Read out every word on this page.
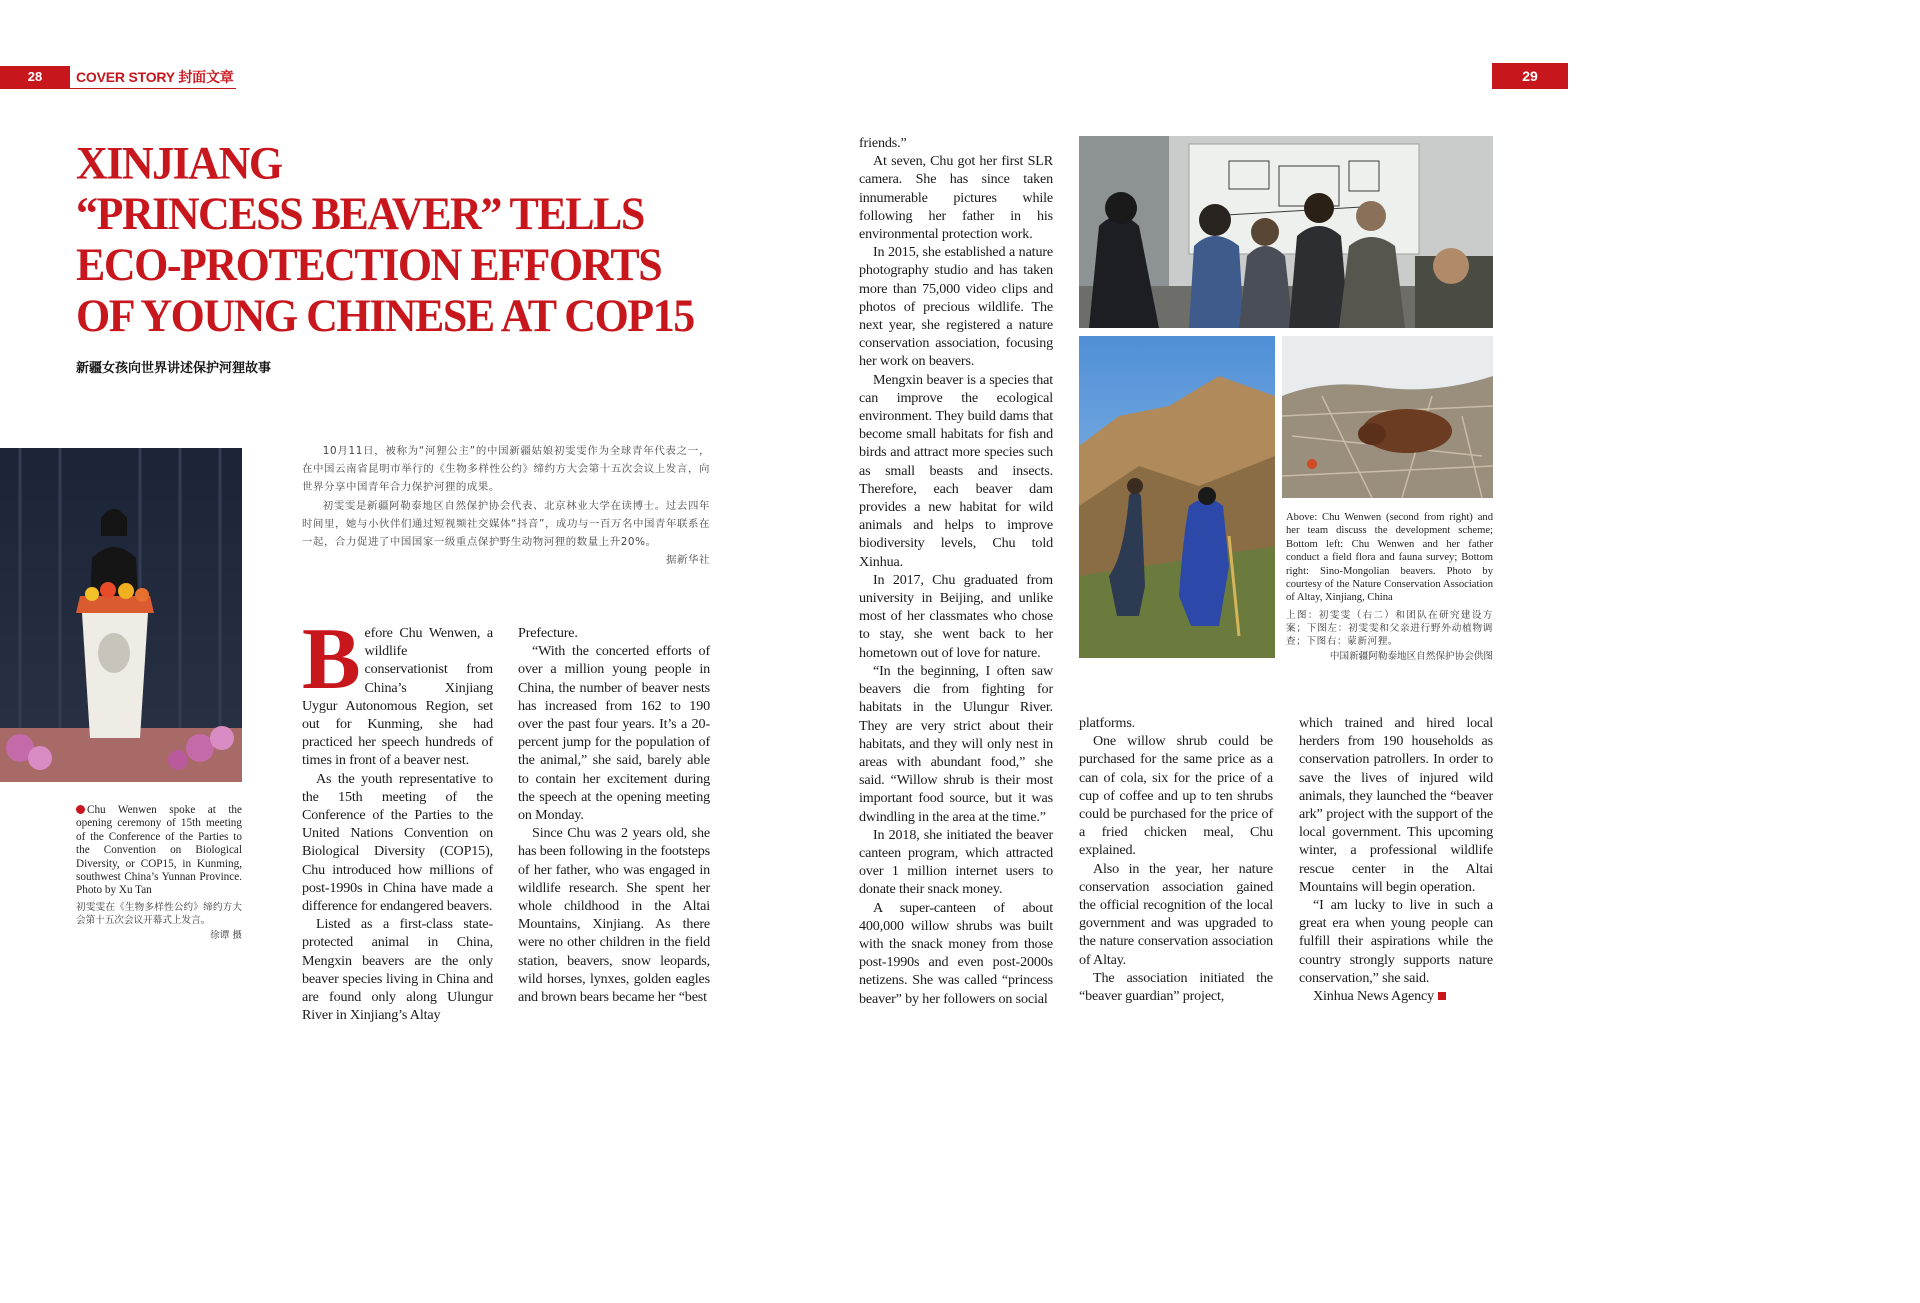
28	COVER STORY 封面文章	29
XINJIANG
“PRINCESS BEAVER” TELLS
ECO-PROTECTION EFFORTS
OF YOUNG CHINESE AT COP15
新疆女孩向世界讲述保护河狸故事
Chu Wenwen spoke at the opening ceremony of 15th meeting of the Conference of the Parties to the Convention on Biological Diversity, or COP15, in Kunming, southwest China’s Yunnan Province. Photo by Xu Tan
初雯雯在《生物多样性公约》缔约方大会第十五次会议开幕式上发言。
徐谭 摄

10月11日，被称为“河狸公主”的中国新疆姑娘初雯雯作为全球青年代表之一，在中国云南省昆明市举行的《生物多样性公约》缔约方大会第十五次会议上发言，向世界分享中国青年合力保护河狸的成果。

初雯雯是新疆阿勒泰地区自然保护协会代表、北京林业大学在读博士。过去四年时间里，她与小伙伴们通过短视频社交媒体“抖音”，成功与一百万名中国青年联系在一起，合力促进了中国国家一级重点保护野生动物河狸的数量上升20%。

据新华社

B efore Chu Wenwen, a wildlife conservationist from China’s Xinjiang Uygur Autonomous Region, set out for Kunming, she had practiced her speech hundreds of times in front of a beaver nest.

As the youth representative to the 15th meeting of the Conference of the Parties to the United Nations Convention on Biological Diversity (COP15), Chu introduced how millions of post-1990s in China have made a difference for endangered beavers.

Listed as a first-class state-protected animal in China, Mengxin beavers are the only beaver species living in China and are found only along Ulungur River in Xinjiang’s Altay

Prefecture.

“With the concerted efforts of over a million young people in China, the number of beaver nests has increased from 162 to 190 over the past four years. It’s a 20-percent jump for the population of the animal,” she said, barely able to contain her excitement during the speech at the opening meeting on Monday.

Since Chu was 2 years old, she has been following in the footsteps of her father, who was engaged in wildlife research. She spent her whole childhood in the Altai Mountains, Xinjiang. As there were no other children in the field station, beavers, snow leopards, wild horses, lynxes, golden eagles and brown bears became her “best

friends.”

At seven, Chu got her first SLR camera. She has since taken innumerable pictures while following her father in his environmental protection work.

In 2015, she established a nature photography studio and has taken more than 75,000 video clips and photos of precious wildlife. The next year, she registered a nature conservation association, focusing her work on beavers.

Mengxin beaver is a species that can improve the ecological environment. They build dams that become small habitats for fish and birds and attract more species such as small beasts and insects. Therefore, each beaver dam provides a new habitat for wild animals and helps to improve biodiversity levels, Chu told Xinhua.

In 2017, Chu graduated from university in Beijing, and unlike most of her classmates who chose to stay, she went back to her hometown out of love for nature.

“In the beginning, I often saw beavers die from fighting for habitats in the Ulungur River. They are very strict about their habitats, and they will only nest in areas with abundant food,” she said. “Willow shrub is their most important food source, but it was dwindling in the area at the time.”

In 2018, she initiated the beaver canteen program, which attracted over 1 million internet users to donate their snack money.

A super-canteen of about 400,000 willow shrubs was built with the snack money from those post-1990s and even post-2000s netizens. She was called “princess beaver” by her followers on social

Above: Chu Wenwen (second from right) and her team discuss the development scheme; Bottom left: Chu Wenwen and her father conduct a field flora and fauna survey; Bottom right: Sino-Mongolian beavers. Photo by courtesy of the Nature Conservation Association of Altay, Xinjiang, China
上图：初雯雯（右二）和团队在研究建设方案；下图左：初雯雯和父亲进行野外动植物调查；下图右：蒙新河狸。
中国新疆阿勒泰地区自然保护协会供图

platforms.

One willow shrub could be purchased for the same price as a can of cola, six for the price of a cup of coffee and up to ten shrubs could be purchased for the price of a fried chicken meal, Chu explained.

Also in the year, her nature conservation association gained the official recognition of the local government and was upgraded to the nature conservation association of Altay.

The association initiated the “beaver guardian” project,

which trained and hired local herders from 190 households as conservation patrollers. In order to save the lives of injured wild animals, they launched the “beaver ark” project with the support of the local government. This upcoming winter, a professional wildlife rescue center in the Altai Mountains will begin operation.

“I am lucky to live in such a great era when young people can fulfill their aspirations while the country strongly supports nature conservation,” she said.

Xinhua News Agency
